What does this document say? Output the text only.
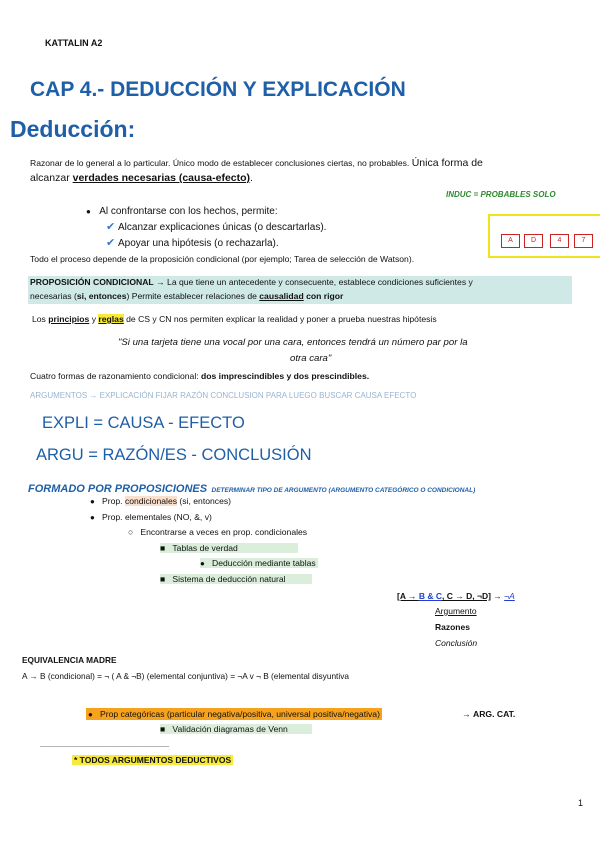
KATTALIN A2
CAP 4.- DEDUCCIÓN Y EXPLICACIÓN
Deducción:
Razonar de lo general a lo particular. Único modo de establecer conclusiones ciertas, no probables. Única forma de
alcanzar verdades necesarias (causa-efecto).
INDUC = PROBABLES SOLO
A	D	4	7
● Al confrontarse con los hechos, permite:
✔ Alcanzar explicaciones únicas (o descartarlas).
✔ Apoyar una hipótesis (o rechazarla).
Todo el proceso depende de la proposición condicional (por ejemplo; Tarea de selección de Watson).
PROPOSICIÓN CONDICIONAL → La que tiene un antecedente y consecuente, establece condiciones suficientes y
necesarias (si, entonces) Permite establecer relaciones de causalidad con rigor
Los principios y reglas de CS y CN nos permiten explicar la realidad y poner a prueba nuestras hipótesis
"Si una tarjeta tiene una vocal por una cara, entonces tendrá un número par por la
otra cara"
Cuatro formas de razonamiento condicional: dos imprescindibles y dos prescindibles.
ARGUMENTOS → EXPLICACIÓN FIJAR RAZÓN CONCLUSION PARA LUEGO BUSCAR CAUSA EFECTO
EXPLI = CAUSA - EFECTO
ARGU = RAZÓN/ES - CONCLUSIÓN
FORMADO POR PROPOSICIONES DETERMINAR TIPO DE ARGUMENTO (ARGUMENTO CATEGÓRICO O CONDICIONAL)
● Prop. condicionales (si, entonces)
● Prop. elementales (NO, &, v)
○ Encontrarse a veces en prop. condicionales
■ Tablas de verdad
● Deducción mediante tablas
■ Sistema de deducción natural
[A → B & C, C → D, ¬D] → ¬A
Argumento
Razones
Conclusión
EQUIVALENCIA MADRE
A → B (condicional) = ¬ ( A & ¬B) (elemental conjuntiva) = ¬A v ¬ B (elemental disyuntiva
● Prop categóricas (particular negativa/positiva, universal positiva/negativa)	→ ARG. CAT.
■ Validación diagramas de Venn
_____________________________
* TODOS ARGUMENTOS DEDUCTIVOS
1
